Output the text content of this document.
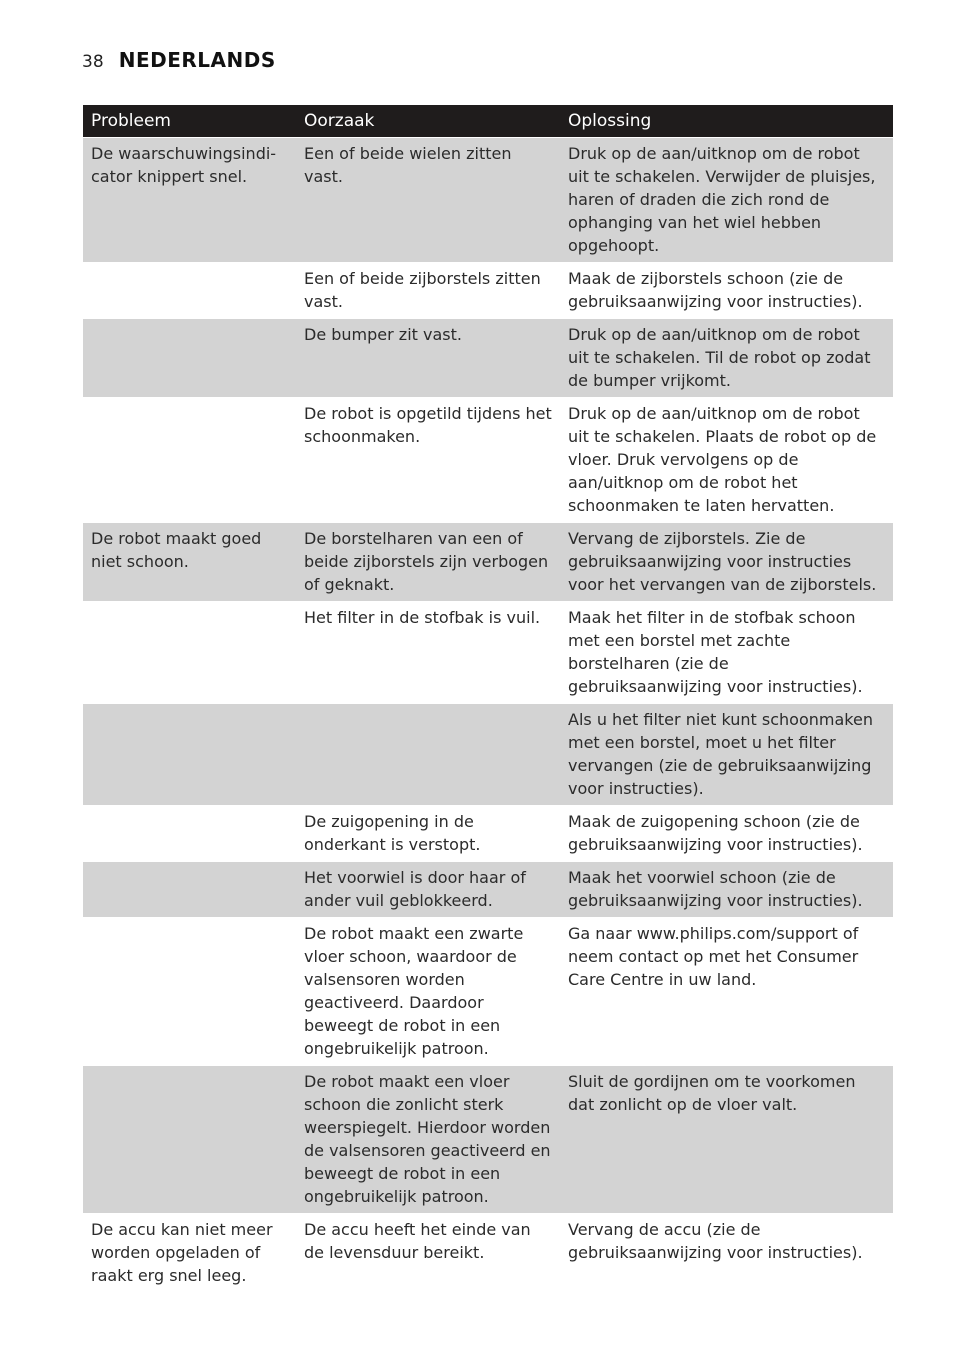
38 NEDERLANDS
Probleem	Oorzaak	Oplossing
De waarschuwingsindi-cator knippert snel.	Een of beide wielen zitten vast.	Druk op de aan/uitknop om de robot uit te schakelen. Verwijder de pluisjes, haren of draden die zich rond de ophanging van het wiel hebben opgehoopt.
	Een of beide zijborstels zitten vast.	Maak de zijborstels schoon (zie de gebruiksaanwijzing voor instructies).
	De bumper zit vast.	Druk op de aan/uitknop om de robot uit te schakelen. Til de robot op zodat de bumper vrijkomt.
	De robot is opgetild tijdens het schoonmaken.	Druk op de aan/uitknop om de robot uit te schakelen. Plaats de robot op de vloer. Druk vervolgens op de aan/uitknop om de robot het schoonmaken te laten hervatten.
De robot maakt goed niet schoon.	De borstelharen van een of beide zijborstels zijn verbogen of geknakt.	Vervang de zijborstels. Zie de gebruiksaanwijzing voor instructies voor het vervangen van de zijborstels.
	Het filter in de stofbak is vuil.	Maak het filter in de stofbak schoon met een borstel met zachte borstelharen (zie de gebruiksaanwijzing voor instructies).
		Als u het filter niet kunt schoonmaken met een borstel, moet u het filter vervangen (zie de gebruiksaanwijzing voor instructies).
	De zuigopening in de onderkant is verstopt.	Maak de zuigopening schoon (zie de gebruiksaanwijzing voor instructies).
	Het voorwiel is door haar of ander vuil geblokkeerd.	Maak het voorwiel schoon (zie de gebruiksaanwijzing voor instructies).
	De robot maakt een zwarte vloer schoon, waardoor de valsensoren worden geactiveerd. Daardoor beweegt de robot in een ongebruikelijk patroon.	Ga naar www.philips.com/support of neem contact op met het Consumer Care Centre in uw land.
	De robot maakt een vloer schoon die zonlicht sterk weerspiegelt. Hierdoor worden de valsensoren geactiveerd en beweegt de robot in een ongebruikelijk patroon.	Sluit de gordijnen om te voorkomen dat zonlicht op de vloer valt.
De accu kan niet meer worden opgeladen of raakt erg snel leeg.	De accu heeft het einde van de levensduur bereikt.	Vervang de accu (zie de gebruiksaanwijzing voor instructies).
